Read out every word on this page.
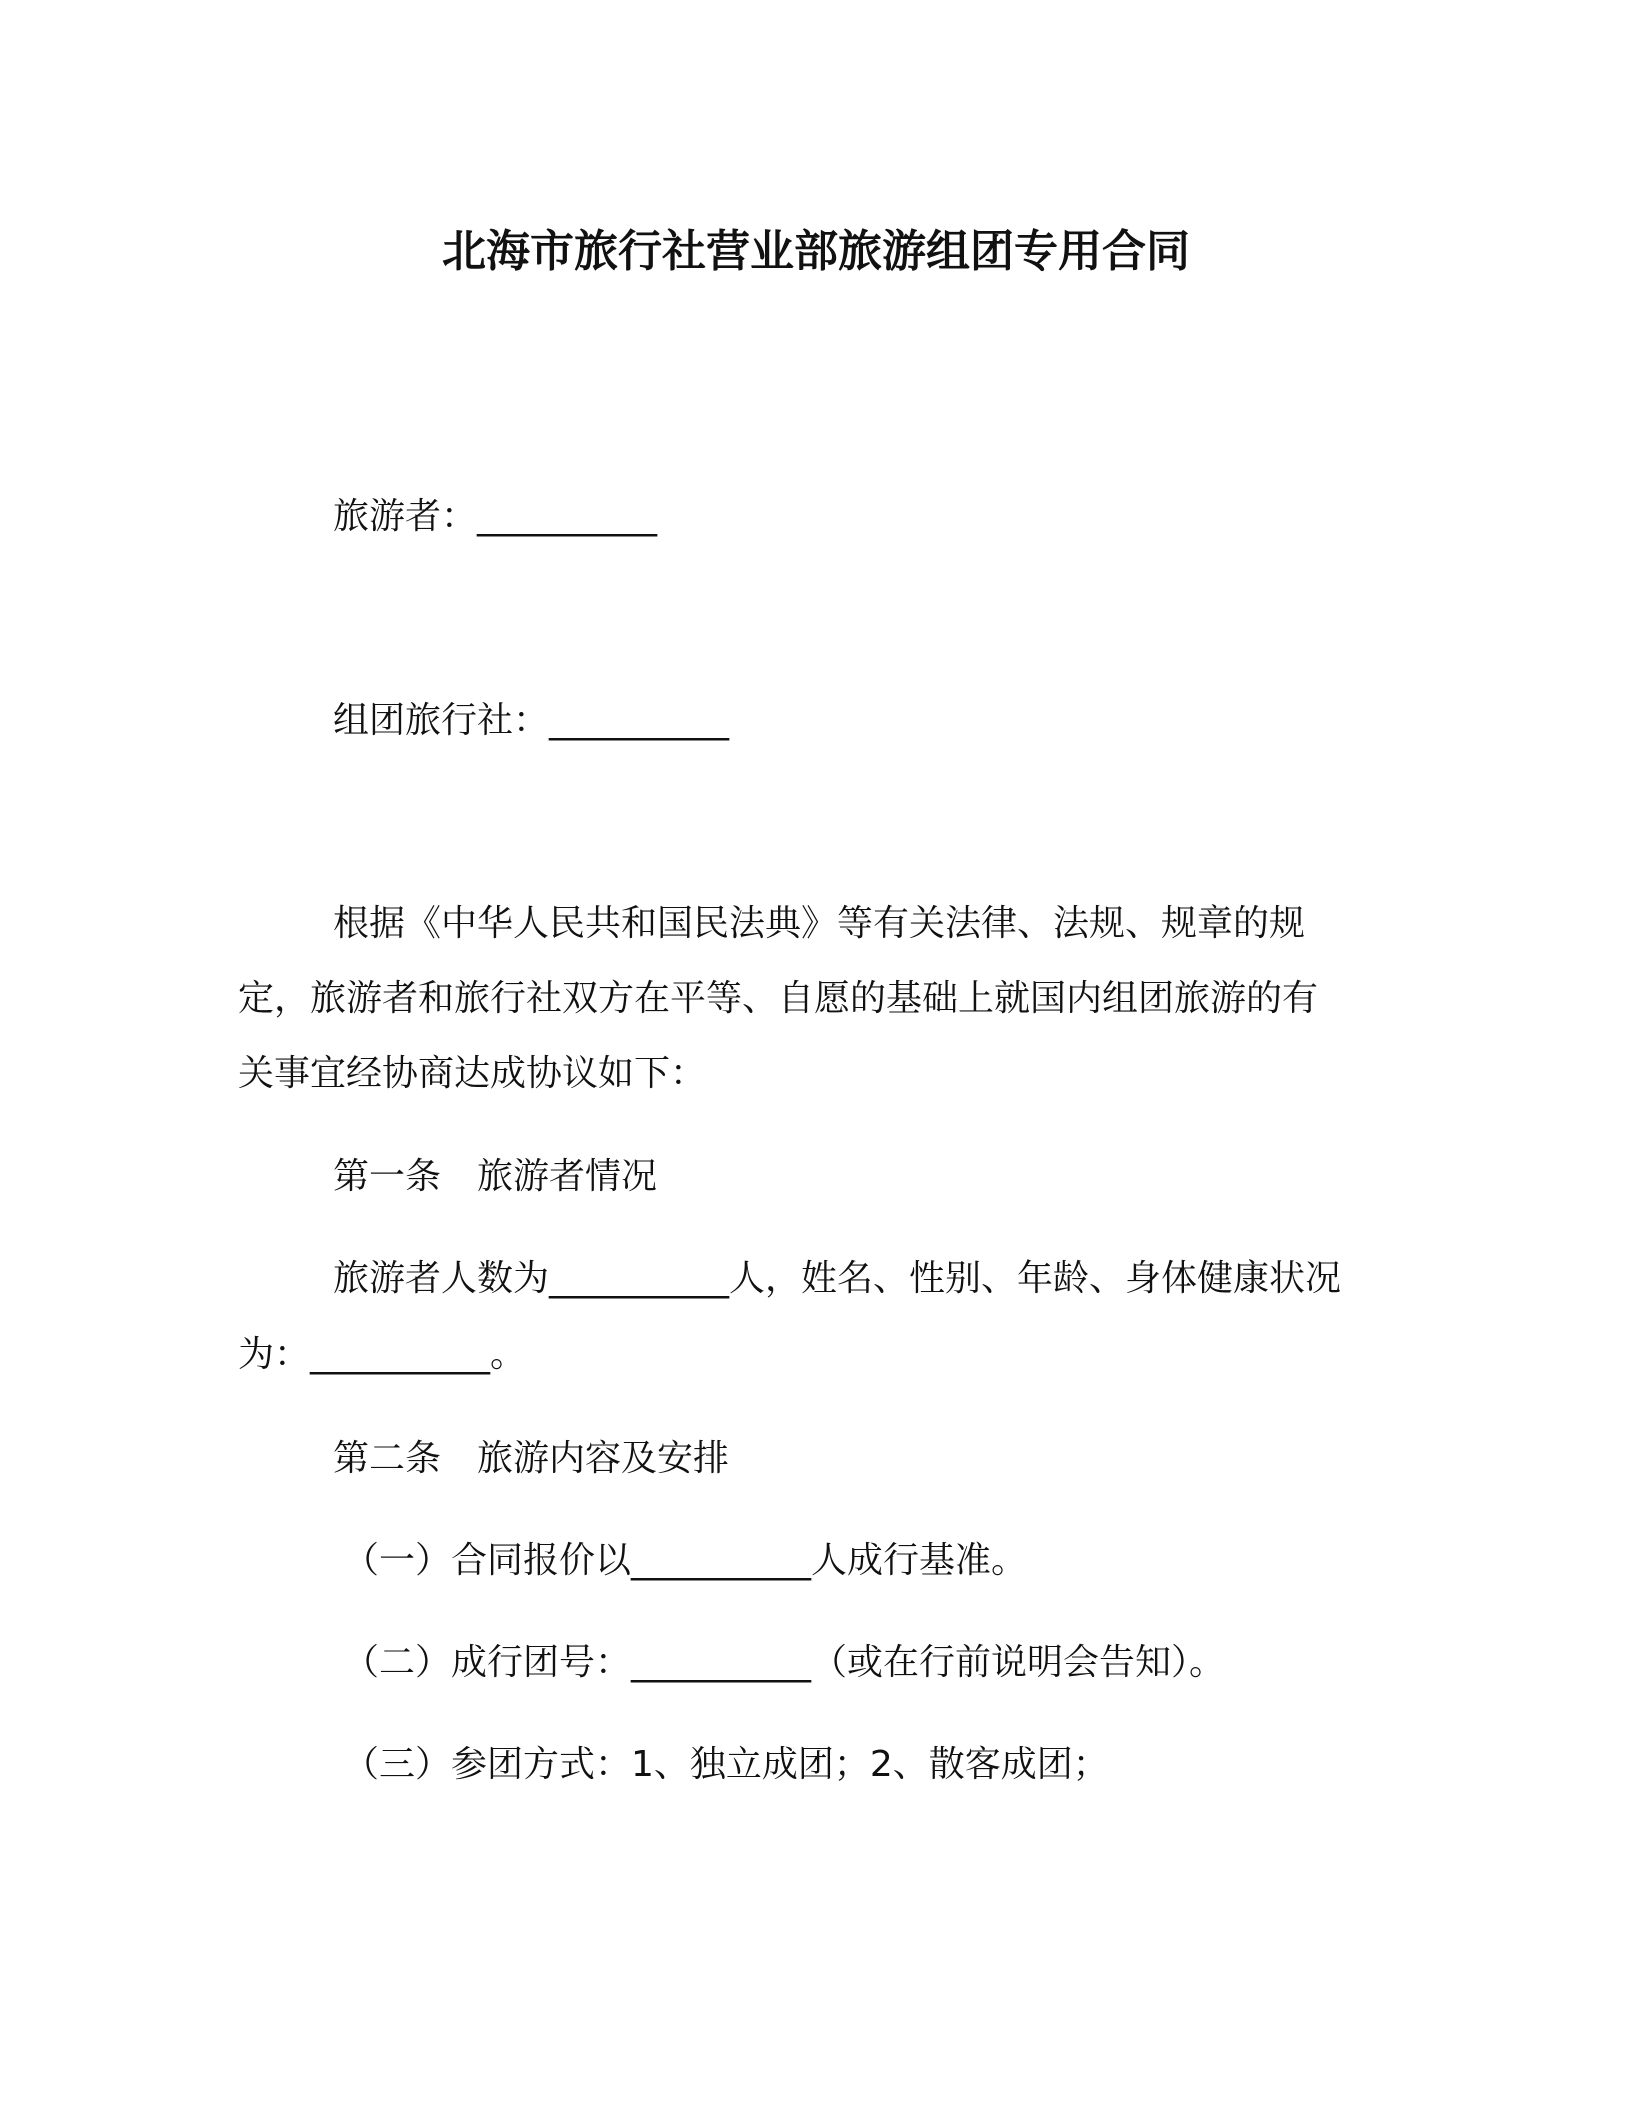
北海市旅行社营业部旅游组团专用合同
旅游者：__________
组团旅行社：__________
根据《中华人民共和国民法典》等有关法律、法规、规章的规
定，旅游者和旅行社双方在平等、自愿的基础上就国内组团旅游的有
关事宜经协商达成协议如下：
第一条　旅游者情况
旅游者人数为__________人，姓名、性别、年龄、身体健康状况
为：__________。
第二条　旅游内容及安排
（一）合同报价以__________人成行基准。
（二）成行团号：__________（或在行前说明会告知）。
（三）参团方式：1、独立成团；2、散客成团；
